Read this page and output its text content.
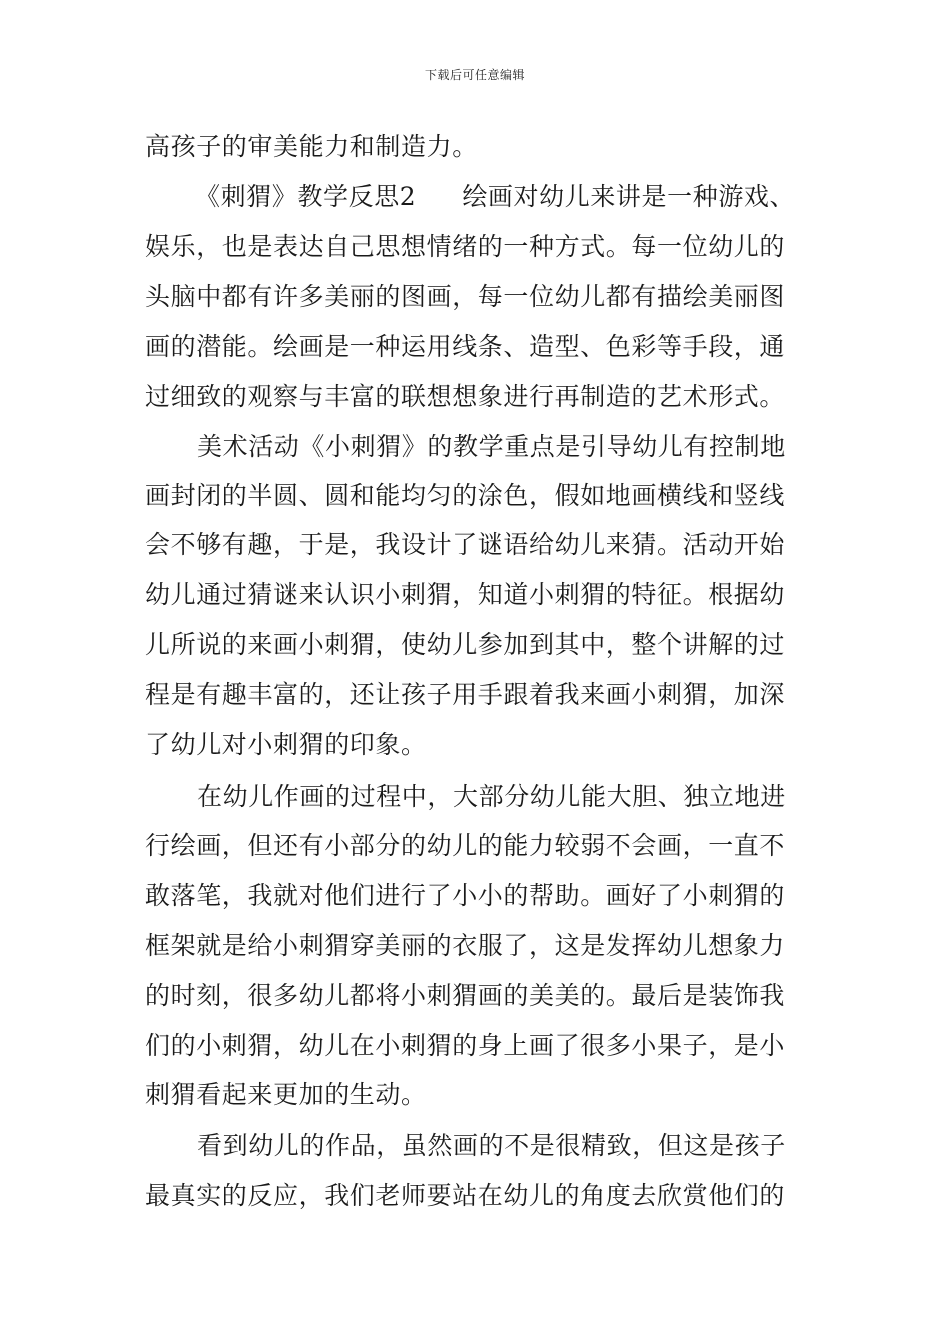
下载后可任意编辑
高孩子的审美能力和制造力。
《刺猬》教学反思2 绘画对幼儿来讲是一种游戏、
娱乐，也是表达自己思想情绪的一种方式。每一位幼儿的
头脑中都有许多美丽的图画，每一位幼儿都有描绘美丽图
画的潜能。绘画是一种运用线条、造型、色彩等手段，通
过细致的观察与丰富的联想想象进行再制造的艺术形式。
美术活动《小刺猬》的教学重点是引导幼儿有控制地
画封闭的半圆、圆和能均匀的涂色，假如地画横线和竖线
会不够有趣，于是，我设计了谜语给幼儿来猜。活动开始
幼儿通过猜谜来认识小刺猬，知道小刺猬的特征。根据幼
儿所说的来画小刺猬，使幼儿参加到其中，整个讲解的过
程是有趣丰富的，还让孩子用手跟着我来画小刺猬，加深
了幼儿对小刺猬的印象。
在幼儿作画的过程中，大部分幼儿能大胆、独立地进
行绘画，但还有小部分的幼儿的能力较弱不会画，一直不
敢落笔，我就对他们进行了小小的帮助。画好了小刺猬的
框架就是给小刺猬穿美丽的衣服了，这是发挥幼儿想象力
的时刻，很多幼儿都将小刺猬画的美美的。最后是装饰我
们的小刺猬，幼儿在小刺猬的身上画了很多小果子，是小
刺猬看起来更加的生动。
看到幼儿的作品，虽然画的不是很精致，但这是孩子
最真实的反应，我们老师要站在幼儿的角度去欣赏他们的
